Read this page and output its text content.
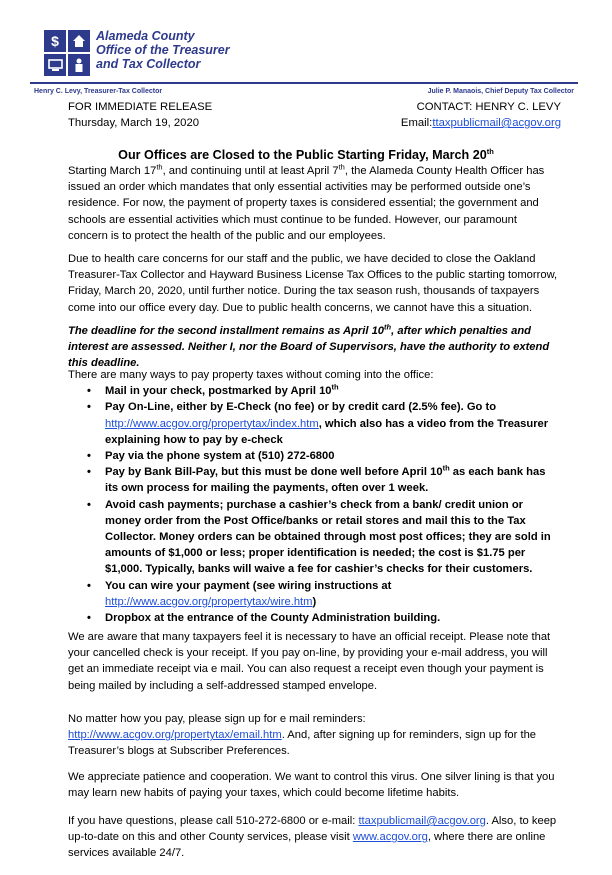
$	Alameda County
Office of the Treasurer
and Tax Collector
Henry C. Levy, Treasurer-Tax Collector	Julie P. Manaois, Chief Deputy Tax Collector
FOR IMMEDIATE RELEASE
Thursday, March 19, 2020
CONTACT: HENRY C. LEVY
Email:ttaxpublicmail@acgov.org
Our Offices are Closed to the Public Starting Friday, March 20th

Starting March 17th, and continuing until at least April 7th, the Alameda County Health Officer has issued an order which mandates that only essential activities may be performed outside one’s residence. For now, the payment of property taxes is considered essential; the government and schools are essential activities which must continue to be funded. However, our paramount concern is to protect the health of the public and our employees.

Due to health care concerns for our staff and the public, we have decided to close the Oakland Treasurer-Tax Collector and Hayward Business License Tax Offices to the public starting tomorrow, Friday, March 20, 2020, until further notice. During the tax season rush, thousands of taxpayers come into our office every day. Due to public health concerns, we cannot have this a situation.
The deadline for the second installment remains as April 10th, after which penalties and interest are assessed. Neither I, nor the Board of Supervisors, have the authority to extend this deadline.

There are many ways to pay property taxes without coming into the office:

• Mail in your check, postmarked by April 10th
• Pay On-Line, either by E-Check (no fee) or by credit card (2.5% fee). Go to http://www.acgov.org/propertytax/index.htm, which also has a video from the Treasurer explaining how to pay by e-check
• Pay via the phone system at (510) 272-6800
• Pay by Bank Bill-Pay, but this must be done well before April 10th as each bank has its own process for mailing the payments, often over 1 week.
• Avoid cash payments; purchase a cashier’s check from a bank/ credit union or money order from the Post Office/banks or retail stores and mail this to the Tax Collector. Money orders can be obtained through most post offices; they are sold in amounts of $1,000 or less; proper identification is needed; the cost is $1.75 per $1,000. Typically, banks will waive a fee for cashier’s checks for their customers.
• You can wire your payment (see wiring instructions at http://www.acgov.org/propertytax/wire.htm)
• Dropbox at the entrance of the County Administration building.
We are aware that many taxpayers feel it is necessary to have an official receipt. Please note that your cancelled check is your receipt. If you pay on-line, by providing your e-mail address, you will get an immediate receipt via e mail. You can also request a receipt even though your payment is being mailed by including a self-addressed stamped envelope.

No matter how you pay, please sign up for e mail reminders:

http://www.acgov.org/propertytax/email.htm. And, after signing up for reminders, sign up for the Treasurer’s blogs at Subscriber Preferences.

We appreciate patience and cooperation. We want to control this virus. One silver lining is that you may learn new habits of paying your taxes, which could become lifetime habits.
If you have questions, please call 510-272-6800 or e-mail: ttaxpublicmail@acgov.org. Also, to keep up-to-date on this and other County services, please visit www.acgov.org, where there are online services available 24/7.
